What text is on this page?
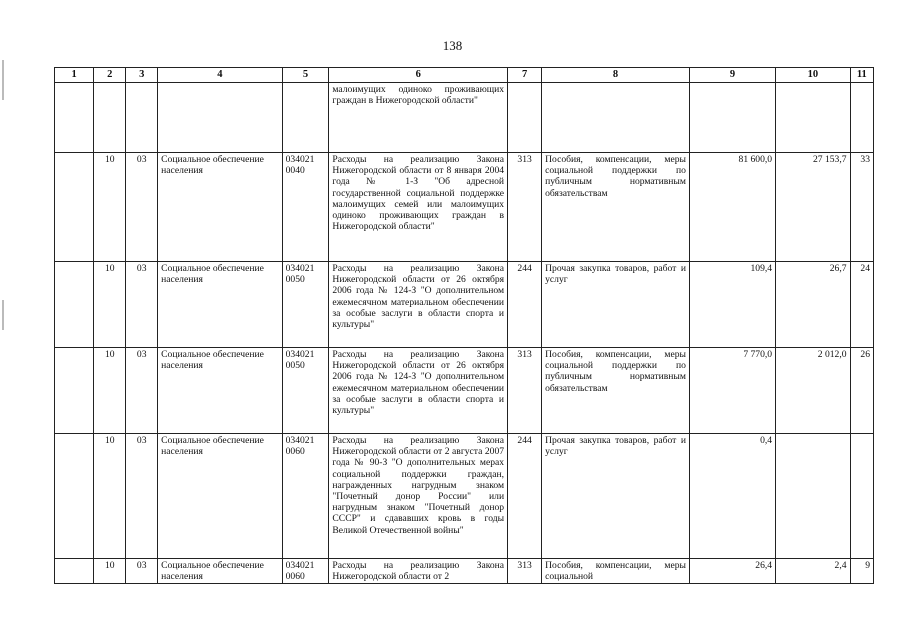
138
1	2	3	4	5	6	7	8	9	10	11
					малоимущих одиноко проживающих граждан в Нижегородской области"					
	10	03	Социальное обеспечение населения	034021 0040	Расходы на реализацию Закона Нижегородской области от 8 января 2004 года № 1-З "Об адресной государственной социальной поддержке малоимущих семей или малоимущих одиноко проживающих граждан в Нижегородской области"	313	Пособия, компенсации, меры социальной поддержки по публичным нормативным обязательствам	81 600,0	27 153,7	33
	10	03	Социальное обеспечение населения	034021 0050	Расходы на реализацию Закона Нижегородской области от 26 октября 2006 года № 124-З "О дополнительном ежемесячном материальном обеспечении за особые заслуги в области спорта и культуры"	244	Прочая закупка товаров, работ и услуг	109,4	26,7	24
	10	03	Социальное обеспечение населения	034021 0050	Расходы на реализацию Закона Нижегородской области от 26 октября 2006 года № 124-З "О дополнительном ежемесячном материальном обеспечении за особые заслуги в области спорта и культуры"	313	Пособия, компенсации, меры социальной поддержки по публичным нормативным обязательствам	7 770,0	2 012,0	26
	10	03	Социальное обеспечение населения	034021 0060	Расходы на реализацию Закона Нижегородской области от 2 августа 2007 года № 90-З "О дополнительных мерах социальной поддержки граждан, награжденных нагрудным знаком "Почетный донор России" или нагрудным знаком "Почетный донор СССР" и сдававших кровь в годы Великой Отечественной войны"	244	Прочая закупка товаров, работ и услуг	0,4		
	10	03	Социальное обеспечение населения	034021 0060	Расходы на реализацию Закона Нижегородской области от 2	313	Пособия, компенсации, меры социальной	26,4	2,4	9
